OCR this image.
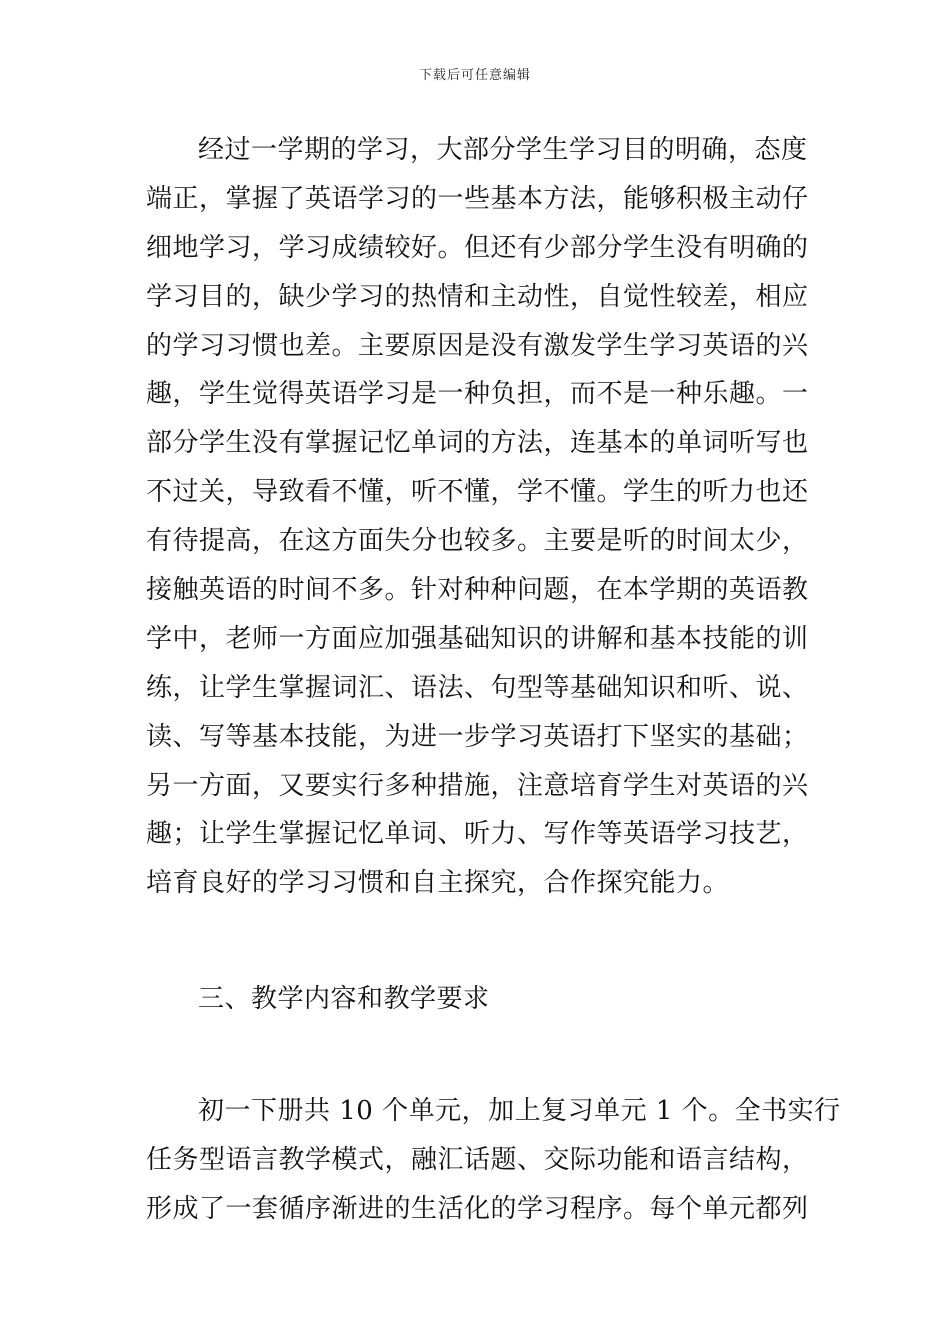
下载后可任意编辑
经过一学期的学习，大部分学生学习目的明确，态度
端正，掌握了英语学习的一些基本方法，能够积极主动仔
细地学习，学习成绩较好。但还有少部分学生没有明确的
学习目的，缺少学习的热情和主动性，自觉性较差，相应
的学习习惯也差。主要原因是没有激发学生学习英语的兴
趣，学生觉得英语学习是一种负担，而不是一种乐趣。一
部分学生没有掌握记忆单词的方法，连基本的单词听写也
不过关，导致看不懂，听不懂，学不懂。学生的听力也还
有待提高，在这方面失分也较多。主要是听的时间太少，
接触英语的时间不多。针对种种问题，在本学期的英语教
学中，老师一方面应加强基础知识的讲解和基本技能的训
练，让学生掌握词汇、语法、句型等基础知识和听、说、
读、写等基本技能，为进一步学习英语打下坚实的基础；
另一方面，又要实行多种措施，注意培育学生对英语的兴
趣；让学生掌握记忆单词、听力、写作等英语学习技艺，
培育良好的学习习惯和自主探究，合作探究能力。
三、教学内容和教学要求
初一下册共 10 个单元，加上复习单元 1 个。全书实行
任务型语言教学模式，融汇话题、交际功能和语言结构，
形成了一套循序渐进的生活化的学习程序。每个单元都列
